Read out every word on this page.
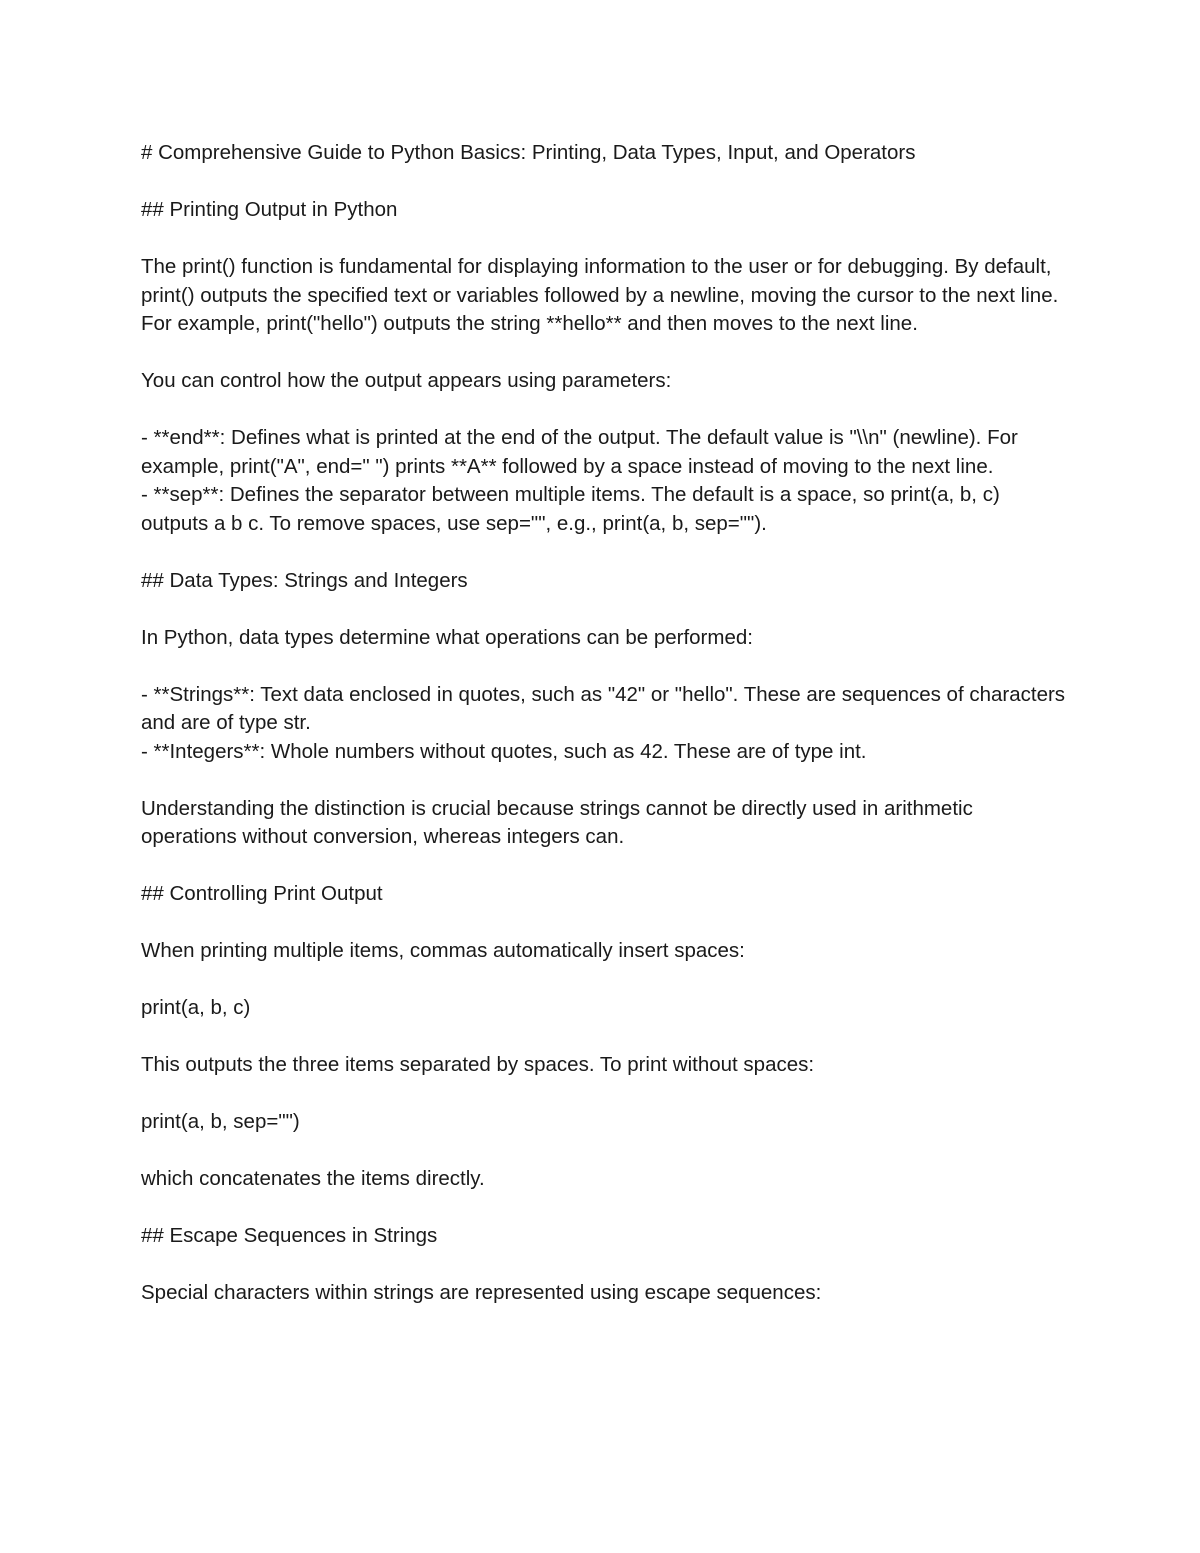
# Comprehensive Guide to Python Basics: Printing, Data Types, Input, and Operators

## Printing Output in Python

The print() function is fundamental for displaying information to the user or for debugging. By default, print() outputs the specified text or variables followed by a newline, moving the cursor to the next line. For example, print("hello") outputs the string **hello** and then moves to the next line.

You can control how the output appears using parameters:

- **end**: Defines what is printed at the end of the output. The default value is "\\n" (newline). For example, print("A", end=" ") prints **A** followed by a space instead of moving to the next line.

- **sep**: Defines the separator between multiple items. The default is a space, so print(a, b, c) outputs a b c. To remove spaces, use sep="", e.g., print(a, b, sep="").

## Data Types: Strings and Integers

In Python, data types determine what operations can be performed:

- **Strings**: Text data enclosed in quotes, such as "42" or "hello". These are sequences of characters and are of type str.

- **Integers**: Whole numbers without quotes, such as 42. These are of type int.

Understanding the distinction is crucial because strings cannot be directly used in arithmetic operations without conversion, whereas integers can.

## Controlling Print Output

When printing multiple items, commas automatically insert spaces:

print(a, b, c)

This outputs the three items separated by spaces. To print without spaces:

print(a, b, sep="")

which concatenates the items directly.

## Escape Sequences in Strings

Special characters within strings are represented using escape sequences:
